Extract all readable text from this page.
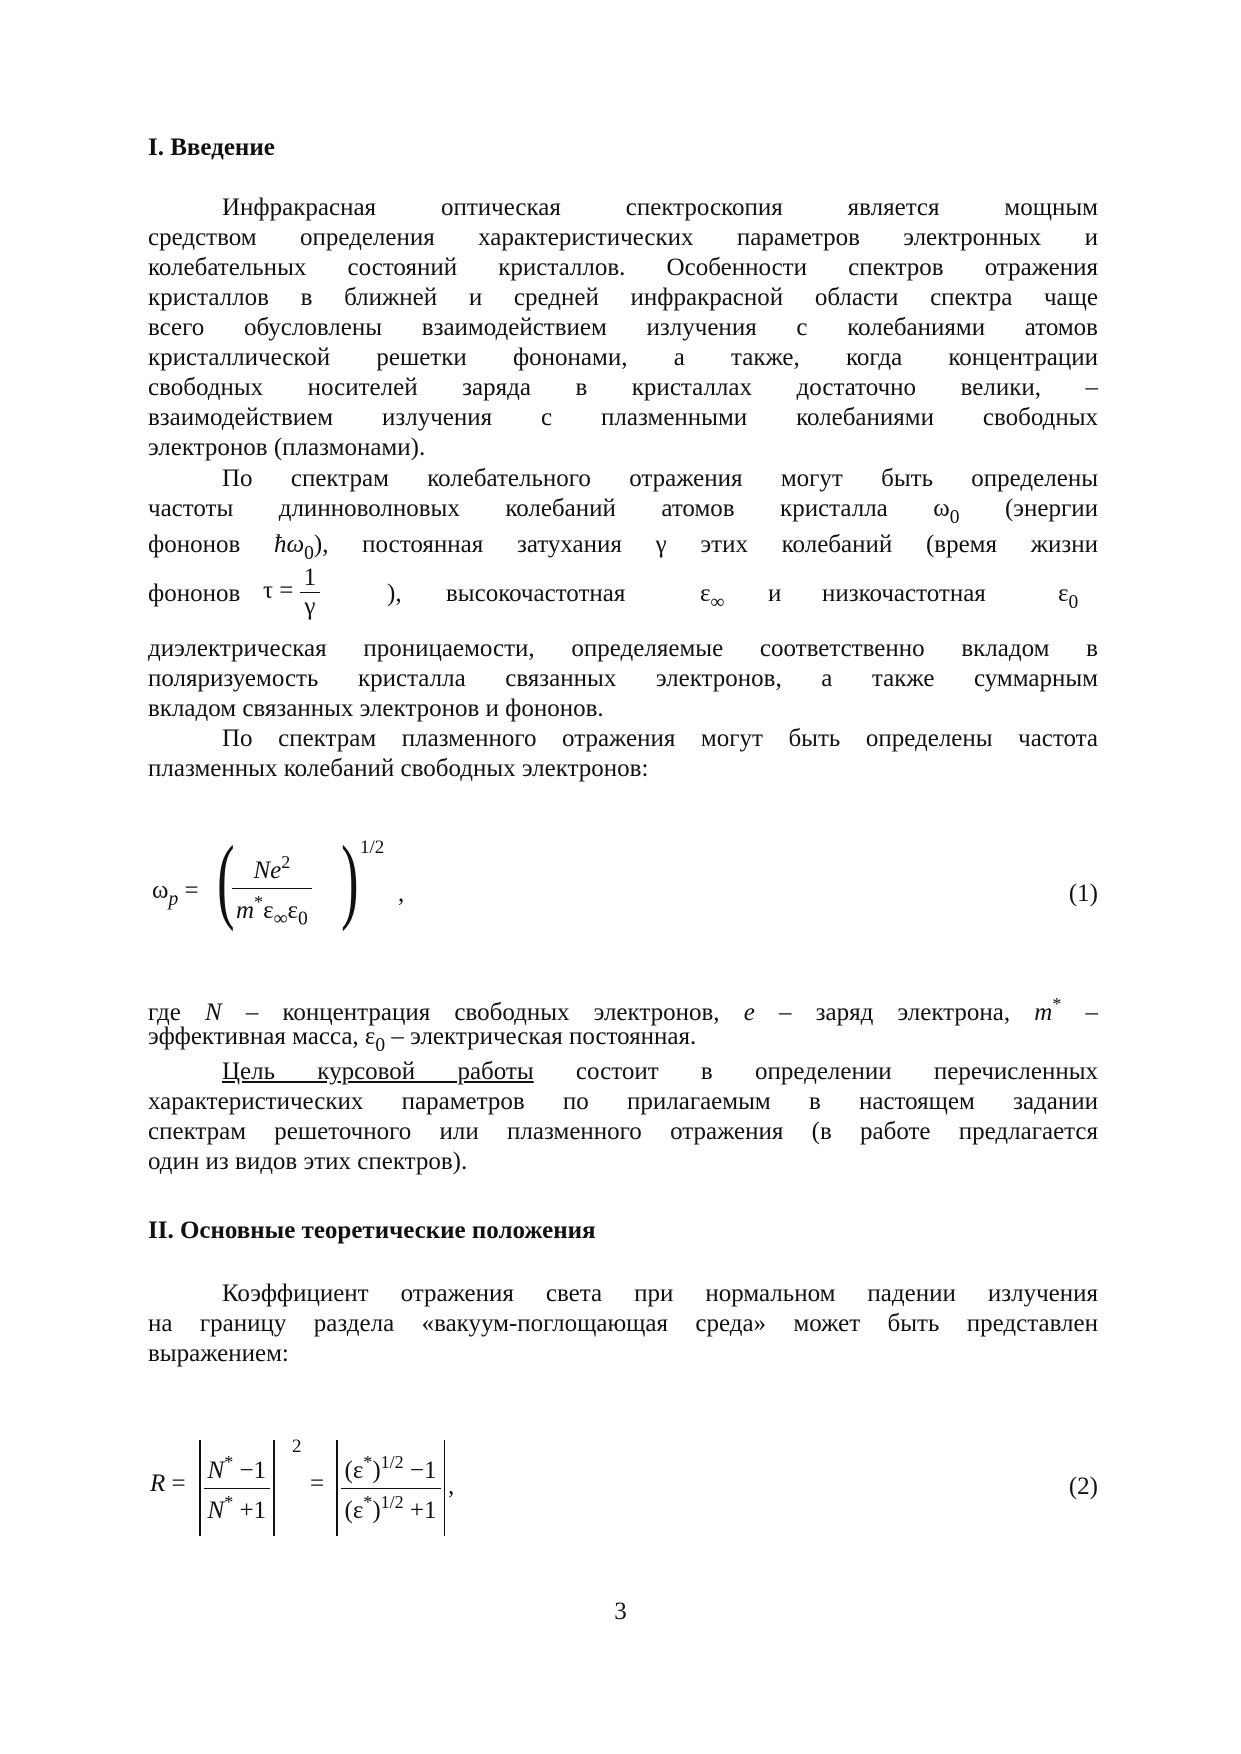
I. Введение
Инфракрасная оптическая спектроскопия является мощным
средством определения характеристических параметров электронных и
колебательных состояний кристаллов. Особенности спектров отражения
кристаллов в ближней и средней инфракрасной области спектра чаще
всего обусловлены взаимодействием излучения с колебаниями атомов
кристаллической решетки фононами, а также, когда концентрации
свободных носителей заряда в кристаллах достаточно велики, –
взаимодействием излучения с плазменными колебаниями свободных
электронов (плазмонами).
По спектрам колебательного отражения могут быть определены
частоты длинноволновых колебаний атомов кристалла $\omega_0$ (энергии
фононов $ħ\omega_0$), постоянная затухания γ этих колебаний (время жизни
фононов $\tau = \frac{1}{\gamma}$	), высокочастотная	$\varepsilon_\infty$ и низкочастотная	$\varepsilon_0$
диэлектрическая проницаемости, определяемые соответственно вкладом в
поляризуемость кристалла связанных электронов, а также суммарным
вкладом связанных электронов и фононов.
По спектрам плазменного отражения могут быть определены частота
плазменных колебаний свободных электронов:
$\omega_p$ = (
$\frac{Ne^2}{m^*\varepsilon_\infty\varepsilon_0}$ ) 1/2
,	(1)
где N – концентрация свободных электронов, e – заряд электрона, m* –
эффективная масса, $\varepsilon_0$ – электрическая постоянная.
Цель курсовой работы состоит в определении перечисленных
характеристических параметров по прилагаемым в настоящем задании
спектрам решеточного или плазменного отражения (в работе предлагается
один из видов этих спектров).
II. Основные теоретические положения
Коэффициент отражения света при нормальном падении излучения
на границу раздела «вакуум-поглощающая среда» может быть представлен
выражением:
$R = \frac{N^* -1}{N^* +1}$
2
= $\frac{(\varepsilon^*)^{1/2} -1}{(\varepsilon^*)^{1/2} +1}$ ,	(2)
3
